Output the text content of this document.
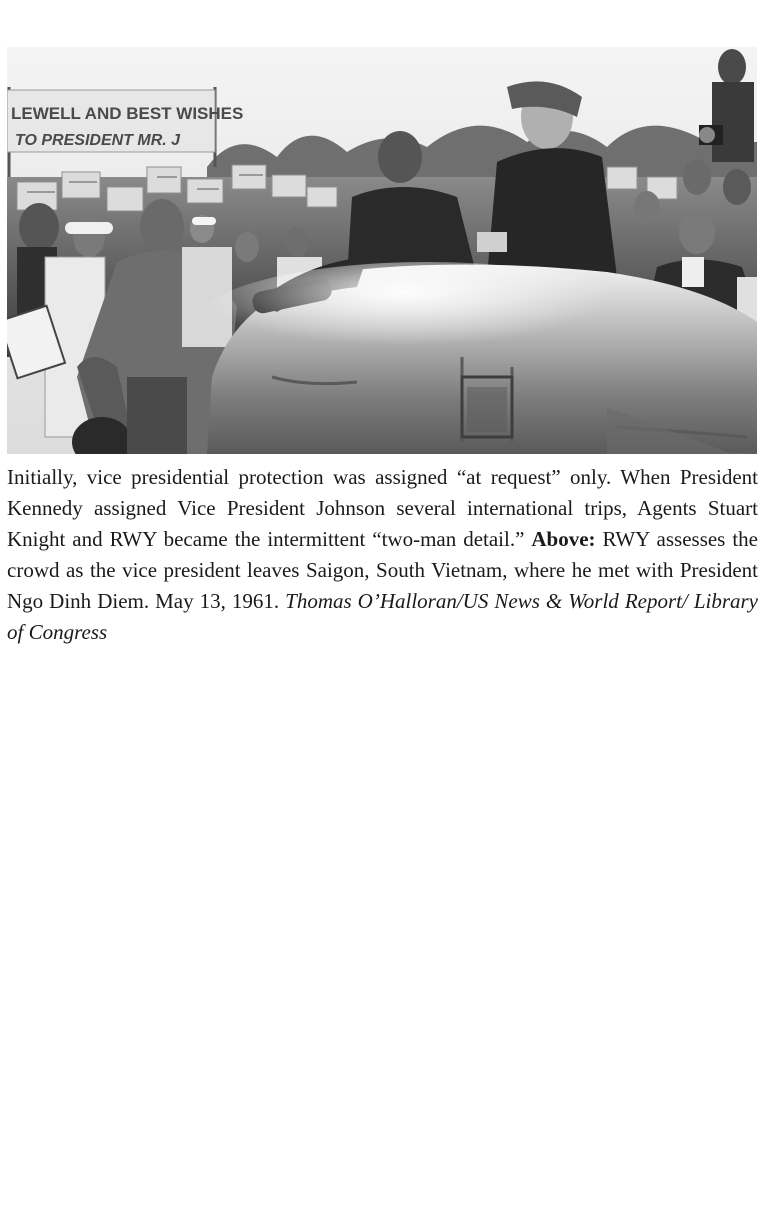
LEWELL AND BEST WISHES
TO PRESIDENT MR. J

Initially, vice presidential protection was assigned “at request” only. When President Kennedy assigned Vice President Johnson several international trips, Agents Stuart Knight and RWY became the intermittent “two-man detail.” Above: RWY assesses the crowd as the vice president leaves Saigon, South Vietnam, where he met with President Ngo Dinh Diem. May 13, 1961. Thomas O’Halloran/US News & World Report/ Library of Congress
